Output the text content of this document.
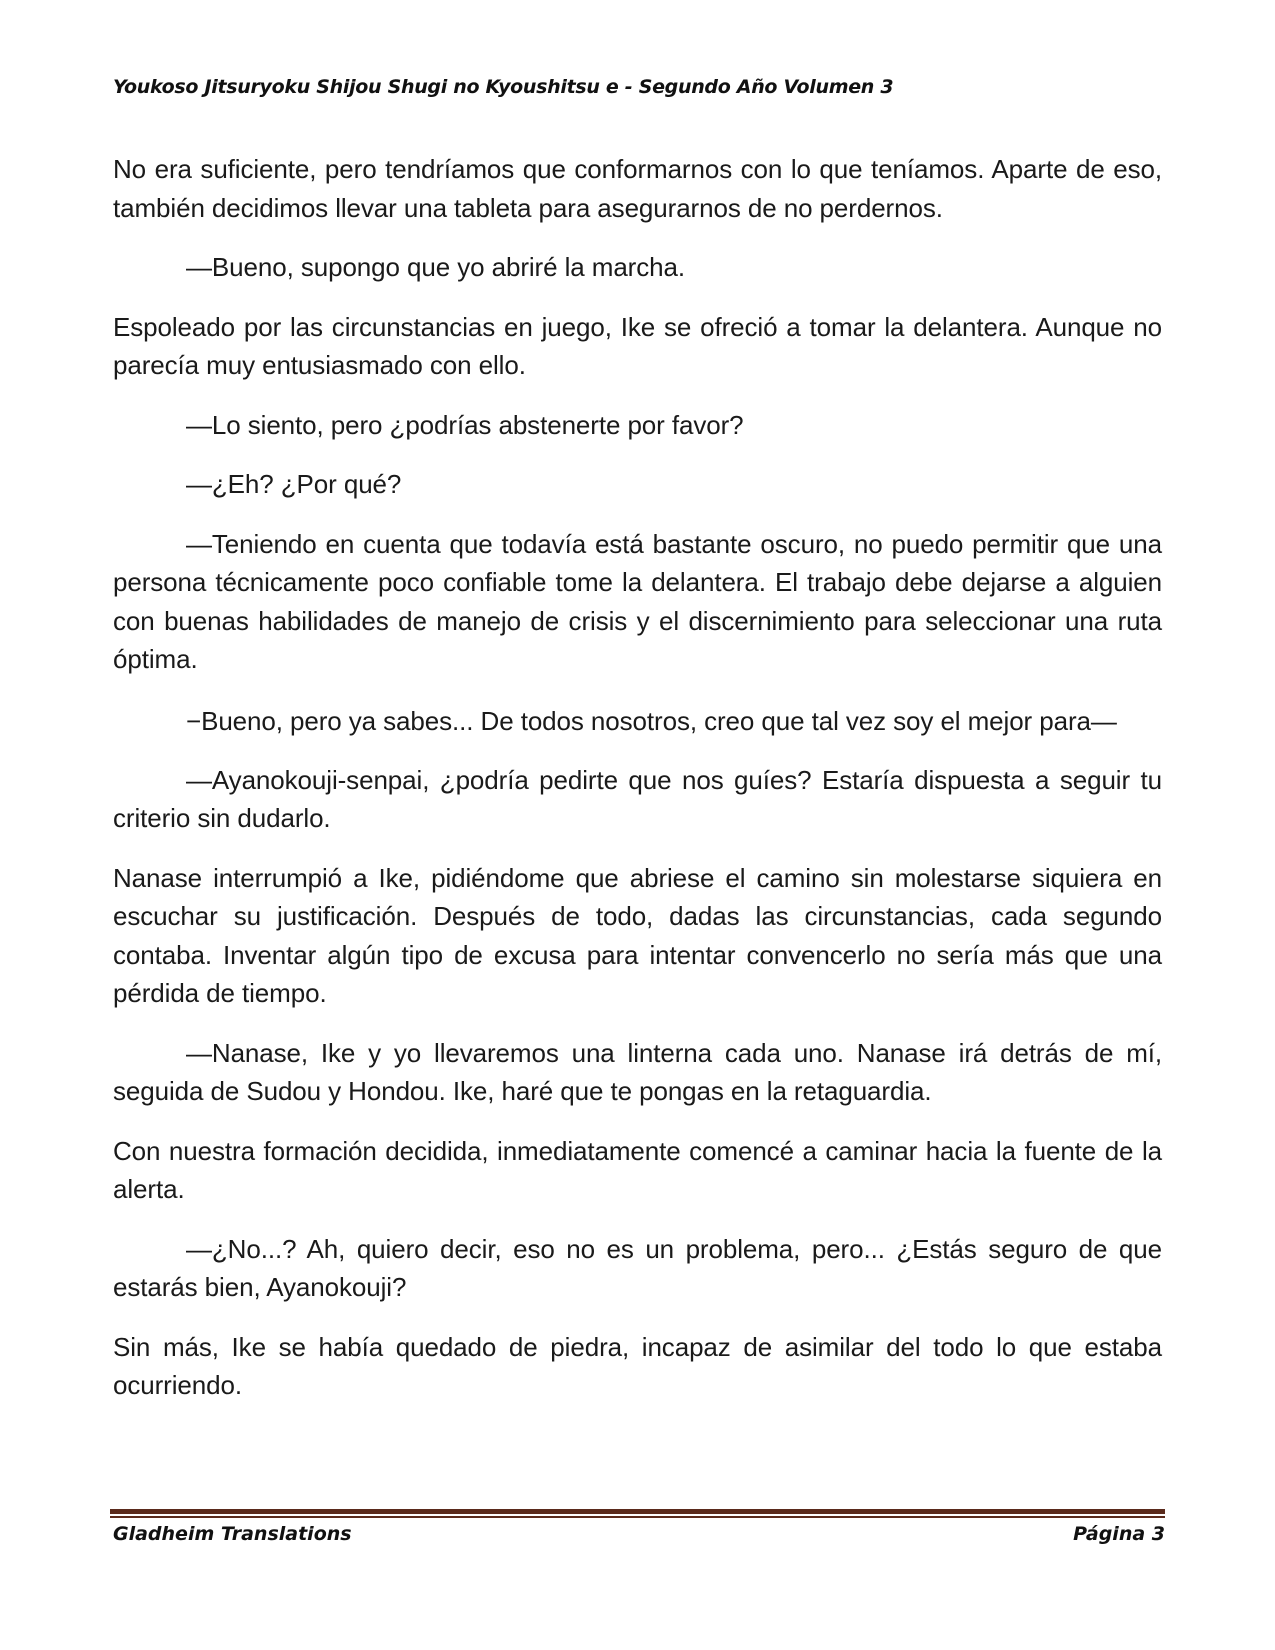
Youkoso Jitsuryoku Shijou Shugi no Kyoushitsu e - Segundo Año Volumen 3

No era suficiente, pero tendríamos que conformarnos con lo que teníamos. Aparte de eso, también decidimos llevar una tableta para asegurarnos de no perdernos.

—Bueno, supongo que yo abriré la marcha.

Espoleado por las circunstancias en juego, Ike se ofreció a tomar la delantera. Aunque no parecía muy entusiasmado con ello.

—Lo siento, pero ¿podrías abstenerte por favor?

—¿Eh? ¿Por qué?

—Teniendo en cuenta que todavía está bastante oscuro, no puedo permitir que una persona técnicamente poco confiable tome la delantera. El trabajo debe dejarse a alguien con buenas habilidades de manejo de crisis y el discernimiento para seleccionar una ruta óptima.

−Bueno, pero ya sabes... De todos nosotros, creo que tal vez soy el mejor para—

—Ayanokouji-senpai, ¿podría pedirte que nos guíes? Estaría dispuesta a seguir tu criterio sin dudarlo.

Nanase interrumpió a Ike, pidiéndome que abriese el camino sin molestarse siquiera en escuchar su justificación. Después de todo, dadas las circunstancias, cada segundo contaba. Inventar algún tipo de excusa para intentar convencerlo no sería más que una pérdida de tiempo.

—Nanase, Ike y yo llevaremos una linterna cada uno. Nanase irá detrás de mí, seguida de Sudou y Hondou. Ike, haré que te pongas en la retaguardia.

Con nuestra formación decidida, inmediatamente comencé a caminar hacia la fuente de la alerta.

—¿No...? Ah, quiero decir, eso no es un problema, pero... ¿Estás seguro de que estarás bien, Ayanokouji?

Sin más, Ike se había quedado de piedra, incapaz de asimilar del todo lo que estaba ocurriendo.

Gladheim Translations	Página 3
